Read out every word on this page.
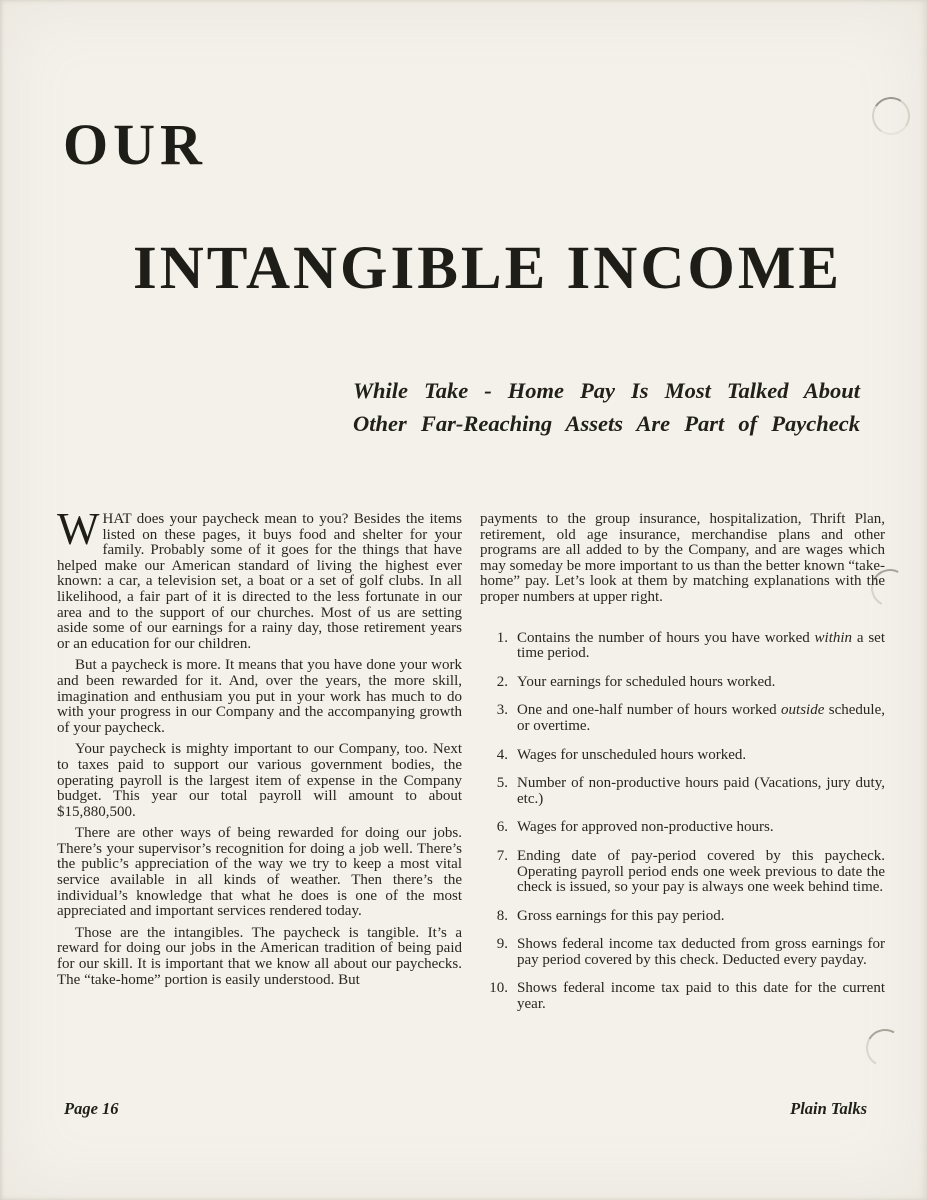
OUR
INTANGIBLE INCOME
While Take - Home Pay Is Most Talked About
Other Far-Reaching Assets Are Part of Paycheck

WHAT does your paycheck mean to you? Besides the items listed on these pages, it buys food and shelter for your family. Probably some of it goes for the things that have helped make our American standard of living the highest ever known: a car, a television set, a boat or a set of golf clubs. In all likelihood, a fair part of it is directed to the less fortunate in our area and to the support of our churches. Most of us are setting aside some of our earnings for a rainy day, those retirement years or an education for our children.

But a paycheck is more. It means that you have done your work and been rewarded for it. And, over the years, the more skill, imagination and enthusiam you put in your work has much to do with your progress in our Company and the accompanying growth of your paycheck.

Your paycheck is mighty important to our Company, too. Next to taxes paid to support our various government bodies, the operating payroll is the largest item of expense in the Company budget. This year our total payroll will amount to about $15,880,500.

There are other ways of being rewarded for doing our jobs. There’s your supervisor’s recognition for doing a job well. There’s the public’s appreciation of the way we try to keep a most vital service available in all kinds of weather. Then there’s the individual’s knowledge that what he does is one of the most appreciated and important services rendered today.

Those are the intangibles. The paycheck is tangible. It’s a reward for doing our jobs in the American tradition of being paid for our skill. It is important that we know all about our paychecks. The “take-home” portion is easily understood. But

payments to the group insurance, hospitalization, Thrift Plan, retirement, old age insurance, merchandise plans and other programs are all added to by the Company, and are wages which may someday be more important to us than the better known “take-home” pay. Let’s look at them by matching explanations with the proper numbers at upper right.

1. Contains the number of hours you have worked within a set time period.
2. Your earnings for scheduled hours worked.
3. One and one-half number of hours worked outside schedule, or overtime.
4. Wages for unscheduled hours worked.
5. Number of non-productive hours paid (Vacations, jury duty, etc.)
6. Wages for approved non-productive hours.
7. Ending date of pay-period covered by this paycheck. Operating payroll period ends one week previous to date the check is issued, so your pay is always one week behind time.
8. Gross earnings for this pay period.
9. Shows federal income tax deducted from gross earnings for pay period covered by this check. Deducted every payday.
10. Shows federal income tax paid to this date for the current year.
Page 16	Plain Talks
